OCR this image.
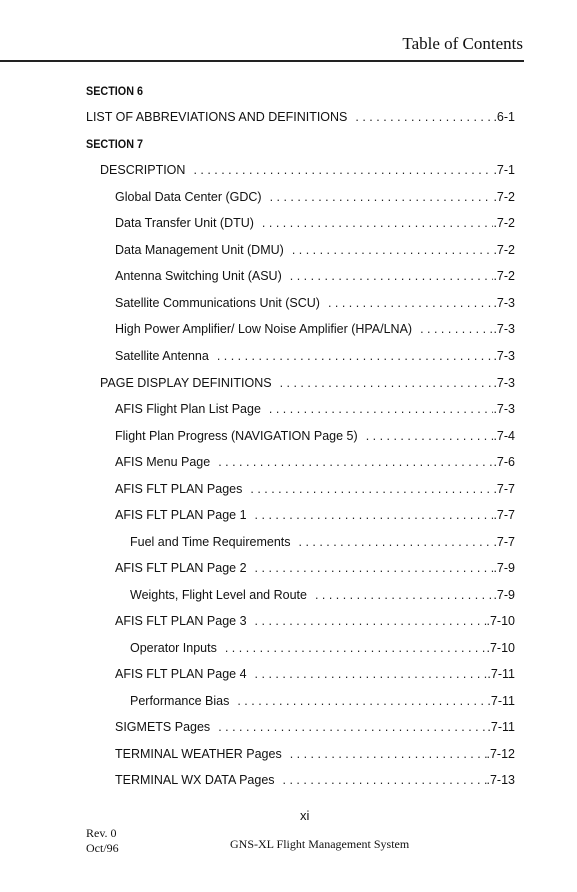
Table of Contents
SECTION 6
LIST OF ABBREVIATIONS AND DEFINITIONS . . .	.6-1
SECTION 7
DESCRIPTION . . .	.7-1
Global Data Center (GDC) . . .	.7-2
Data Transfer Unit (DTU) . . .	.7-2
Data Management Unit (DMU) . . .	.7-2
Antenna Switching Unit (ASU) . . .	.7-2
Satellite Communications Unit (SCU) . . .	.7-3
High Power Amplifier/ Low Noise Amplifier (HPA/LNA) . . .	.7-3
Satellite Antenna . . .	.7-3
PAGE DISPLAY DEFINITIONS . . .	.7-3
AFIS Flight Plan List Page . . .	.7-3
Flight Plan Progress (NAVIGATION Page 5) . . .	.7-4
AFIS Menu Page . . .	.7-6
AFIS FLT PLAN Pages . . .	.7-7
AFIS FLT PLAN Page 1 . . .	.7-7
Fuel and Time Requirements . . .	.7-7
AFIS FLT PLAN Page 2 . . .	.7-9
Weights, Flight Level and Route . . .	.7-9
AFIS FLT PLAN Page 3 . . .	.7-10
Operator Inputs . . .	.7-10
AFIS FLT PLAN Page 4 . . .	.7-11
Performance Bias . . .	.7-11
SIGMETS Pages . . .	.7-11
TERMINAL WEATHER Pages . . .	.7-12
TERMINAL WX DATA Pages . . .	.7-13
xi
Rev. 0
Oct/96	GNS-XL Flight Management System
